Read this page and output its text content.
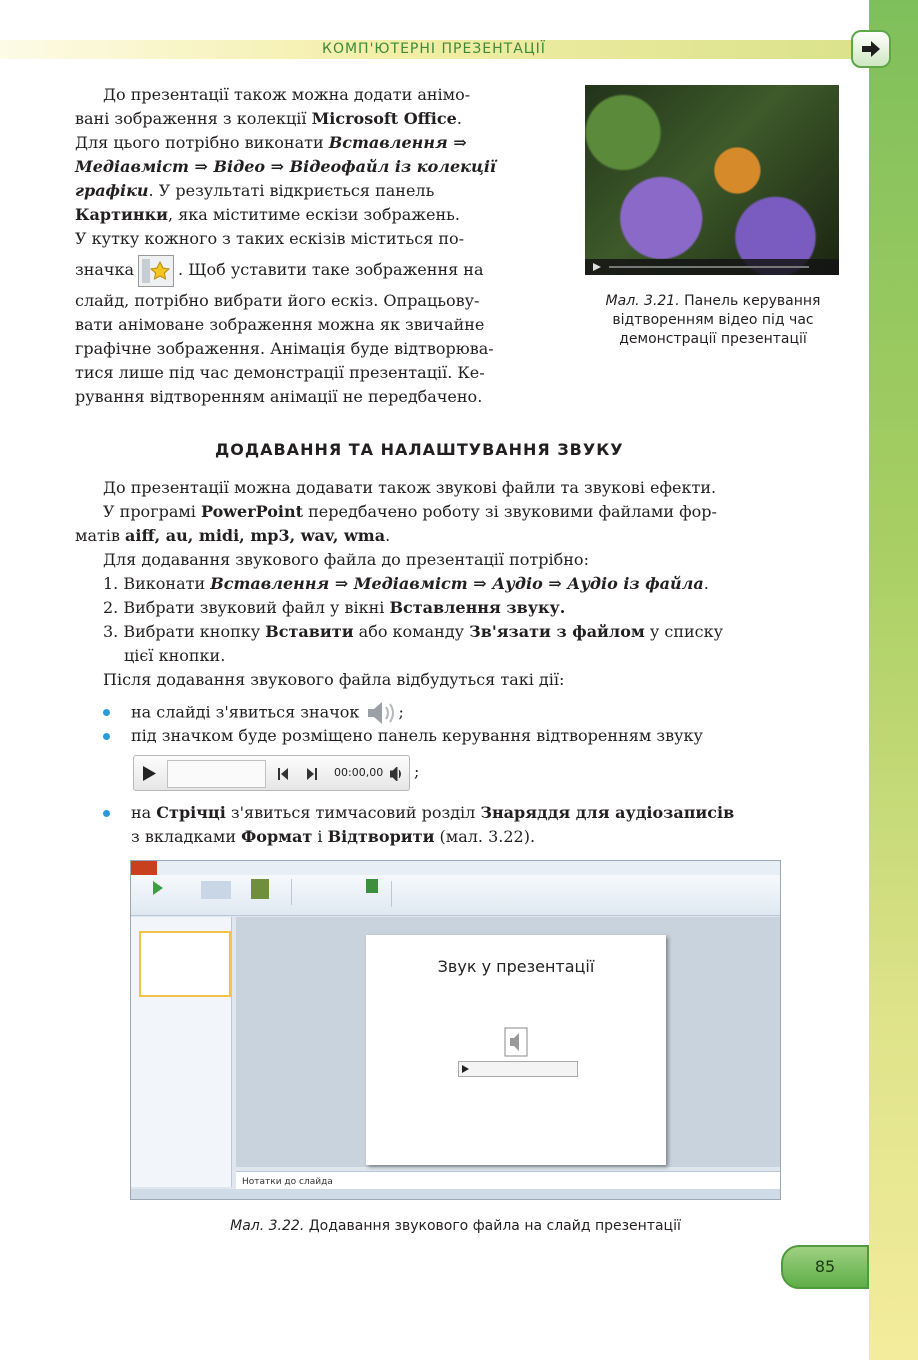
КОМП'ЮТЕРНІ ПРЕЗЕНТАЦІЇ
До презентації також можна додати анімо-
вані зображення з колекції Microsoft Office.
Для цього потрібно виконати Вставлення ⇒
Медіавміст ⇒ Відео ⇒ Відеофайл із колекції
графіки. У результаті відкриється панель
Картинки, яка міститиме ескізи зображень.
У кутку кожного з таких ескізів міститься по-
значка	. Щоб уставити таке зображення на
слайд, потрібно вибрати його ескіз. Опрацьову-
вати анімоване зображення можна як звичайне
графічне зображення. Анімація буде відтворюва-
тися лише під час демонстрації презентації. Ке-
рування відтворенням анімації не передбачено.
Мал. 3.21. Панель керування
відтворенням відео під час
демонстрації презентації
ДОДАВАННЯ ТА НАЛАШТУВАННЯ ЗВУКУ
До презентації можна додавати також звукові файли та звукові ефекти.
У програмі PowerPoint передбачено роботу зі звуковими файлами фор-
матів aiff, au, midi, mp3, wav, wma.
Для додавання звукового файла до презентації потрібно:
1. Виконати Вставлення ⇒ Медіавміст ⇒ Аудіо ⇒ Аудіо із файла.
2. Вибрати звуковий файл у вікні Вставлення звуку.
3. Вибрати кнопку Вставити або команду Зв'язати з файлом у списку
цієї кнопки.
Після додавання звукового файла відбудуться такі дії:
на слайді з'явиться значок ;
під значком буде розміщено панель керування відтворенням звуку
00:00,00 ;
на Стрічці з'явиться тимчасовий розділ Знаряддя для аудіозаписів
з вкладками Формат і Відтворити (мал. 3.22).
Звук у презентації
Нотатки до слайда
Мал. 3.22. Додавання звукового файла на слайд презентації
85
